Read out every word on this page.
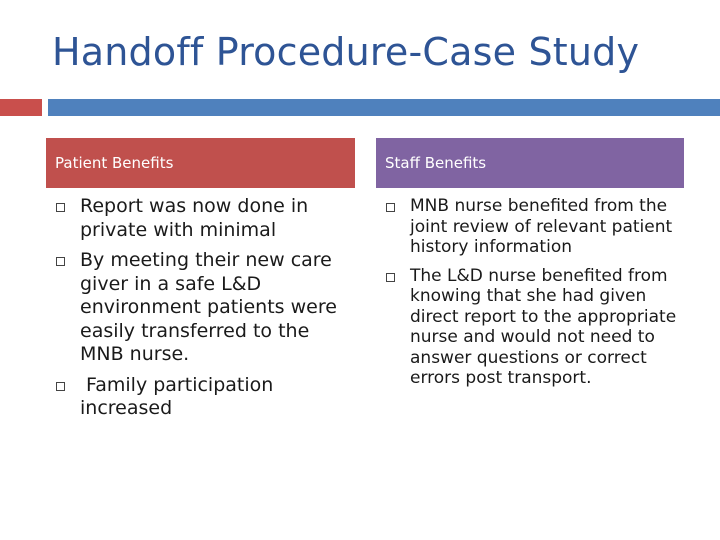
Handoff Procedure-Case Study
Patient Benefits	Staff Benefits
Report was now done in private with minimal
By meeting their new care giver in a safe L&D environment patients were easily transferred to the MNB nurse.
Family participation increased
MNB nurse benefited from the joint review of relevant patient history information
The L&D nurse benefited from knowing that she had given direct report to the appropriate nurse and would not need to answer questions or correct errors post transport.
